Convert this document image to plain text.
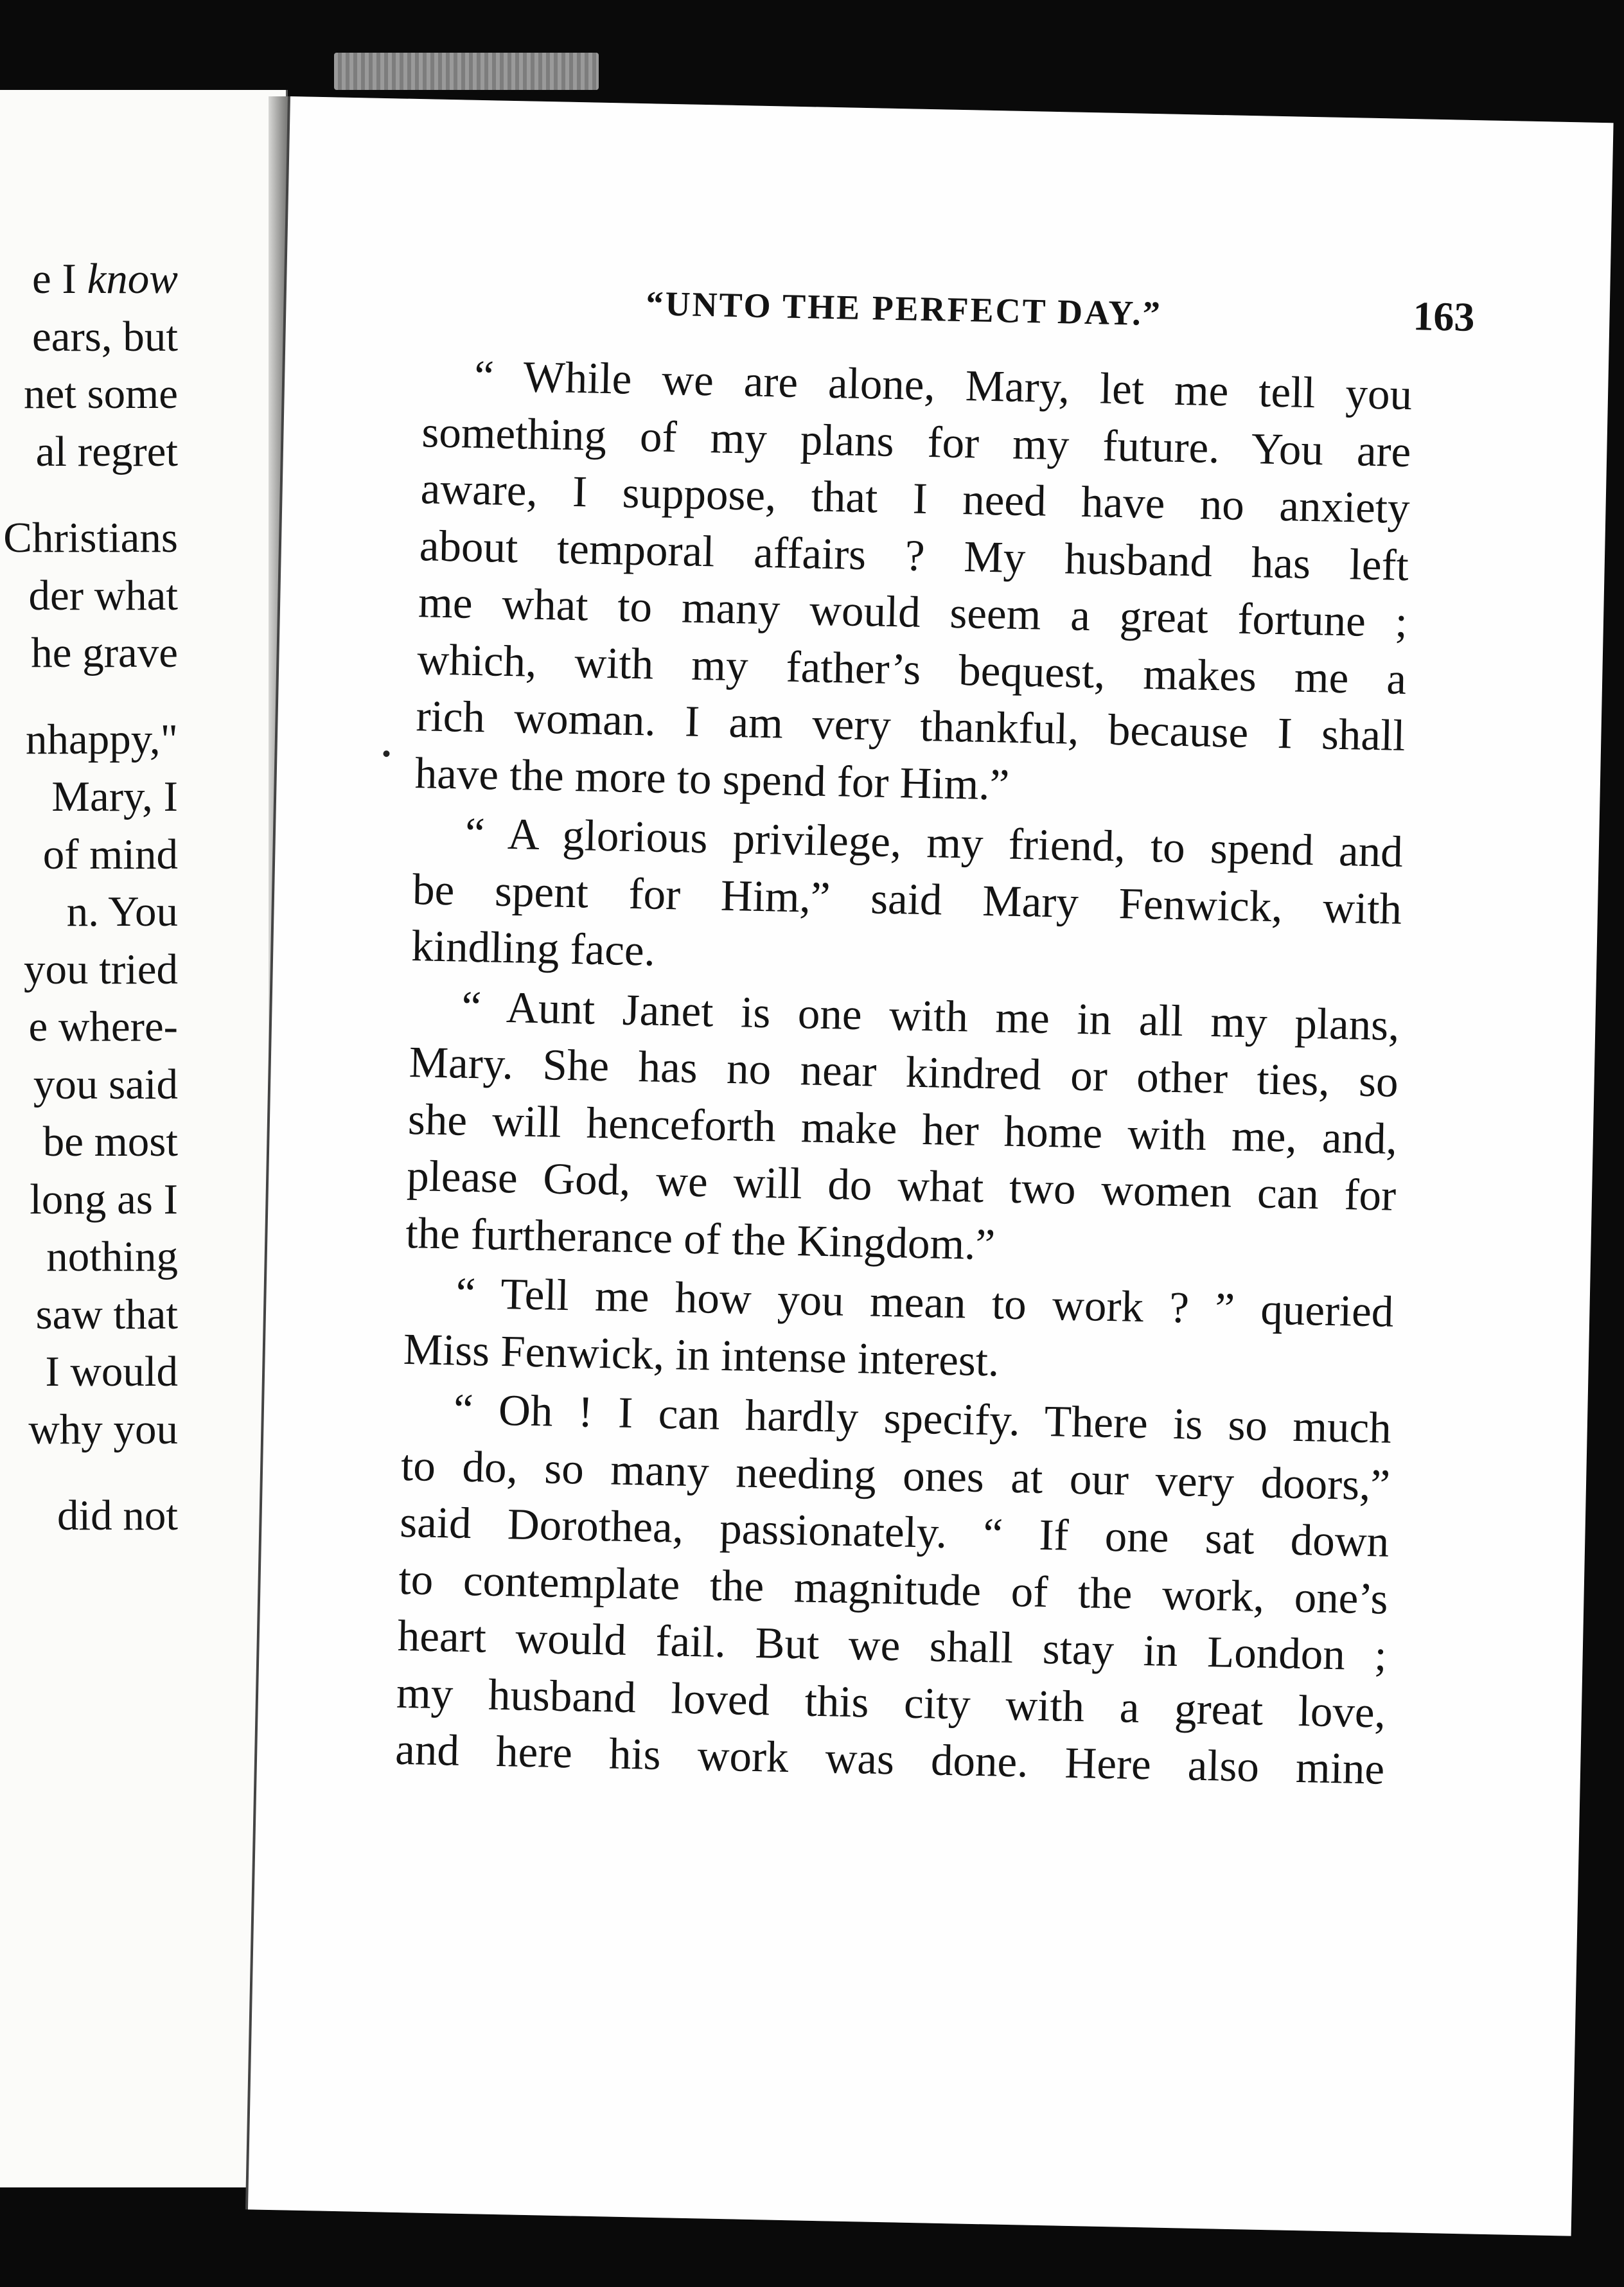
e I know
ears, but
net some
al regret
Christians
der what
he grave
nhappy,"
Mary, I
of mind
n. You
you tried
e where-
you said
be most
long as I
nothing
saw that
I would
why you
did not
“UNTO THE PERFECT DAY.”	163
“ While we are alone, Mary, let me tell you
something of my plans for my future. You are
aware, I suppose, that I need have no anxiety
about temporal affairs ? My husband has left
me what to many would seem a great fortune ;
which, with my father’s bequest, makes me a
rich woman. I am very thankful, because I shall
have the more to spend for Him.”
“ A glorious privilege, my friend, to spend and
be spent for Him,” said Mary Fenwick, with
kindling face.
“ Aunt Janet is one with me in all my plans,
Mary. She has no near kindred or other ties, so
she will henceforth make her home with me, and,
please God, we will do what two women can for
the furtherance of the Kingdom.”
“ Tell me how you mean to work ? ” queried
Miss Fenwick, in intense interest.
“ Oh ! I can hardly specify. There is so much
to do, so many needing ones at our very doors,”
said Dorothea, passionately. “ If one sat down
to contemplate the magnitude of the work, one’s
heart would fail. But we shall stay in London ;
my husband loved this city with a great love,
and here his work was done. Here also mine
